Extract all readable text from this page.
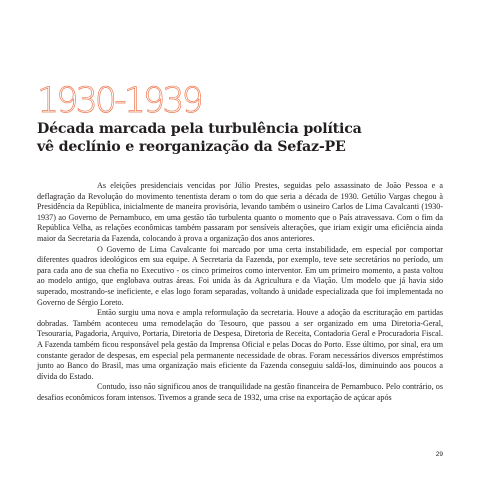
1930-1939
Década marcada pela turbulência política
vê declínio e reorganização da Sefaz-PE

As eleições presidenciais vencidas por Júlio Prestes, seguidas pelo assassinato de João Pessoa e a deflagração da Revolução do movimento tenentista deram o tom do que seria a década de 1930. Getúlio Vargas chegou à Presidência da República, inicialmente de maneira provisória, levando também o usineiro Carlos de Lima Cavalcanti (1930-1937) ao Governo de Pernambuco, em uma gestão tão turbulenta quanto o momento que o País atravessava. Com o fim da República Velha, as relações econômicas também passaram por sensíveis alterações, que iriam exigir uma eficiência ainda maior da Secretaria da Fazenda, colocando à prova a organização dos anos anteriores.

O Governo de Lima Cavalcante foi marcado por uma certa instabilidade, em especial por comportar diferentes quadros ideológicos em sua equipe. A Secretaria da Fazenda, por exemplo, teve sete secretários no período, um para cada ano de sua chefia no Executivo - os cinco primeiros como interventor. Em um primeiro momento, a pasta voltou ao modelo antigo, que englobava outras áreas. Foi unida às da Agricultura e da Viação. Um modelo que já havia sido superado, mostrando-se ineficiente, e elas logo foram separadas, voltando à unidade especializada que foi implementada no Governo de Sérgio Loreto.

Então surgiu uma nova e ampla reformulação da secretaria. Houve a adoção da escrituração em partidas dobradas. Também aconteceu uma remodelação do Tesouro, que passou a ser organizado em uma Diretoria-Geral, Tesouraria, Pagadoria, Arquivo, Portaria, Diretoria de Despesa, Diretoria de Receita, Contadoria Geral e Procuradoria Fiscal. A Fazenda também ficou responsável pela gestão da Imprensa Oficial e pelas Docas do Porto. Esse último, por sinal, era um constante gerador de despesas, em especial pela permanente necessidade de obras. Foram necessários diversos empréstimos junto ao Banco do Brasil, mas uma organização mais eficiente da Fazenda conseguiu saldá-los, diminuindo aos poucos a dívida do Estado.

Contudo, isso não significou anos de tranquilidade na gestão financeira de Pernambuco. Pelo contrário, os desafios econômicos foram intensos. Tivemos a grande seca de 1932, uma crise na exportação de açúcar após

29
